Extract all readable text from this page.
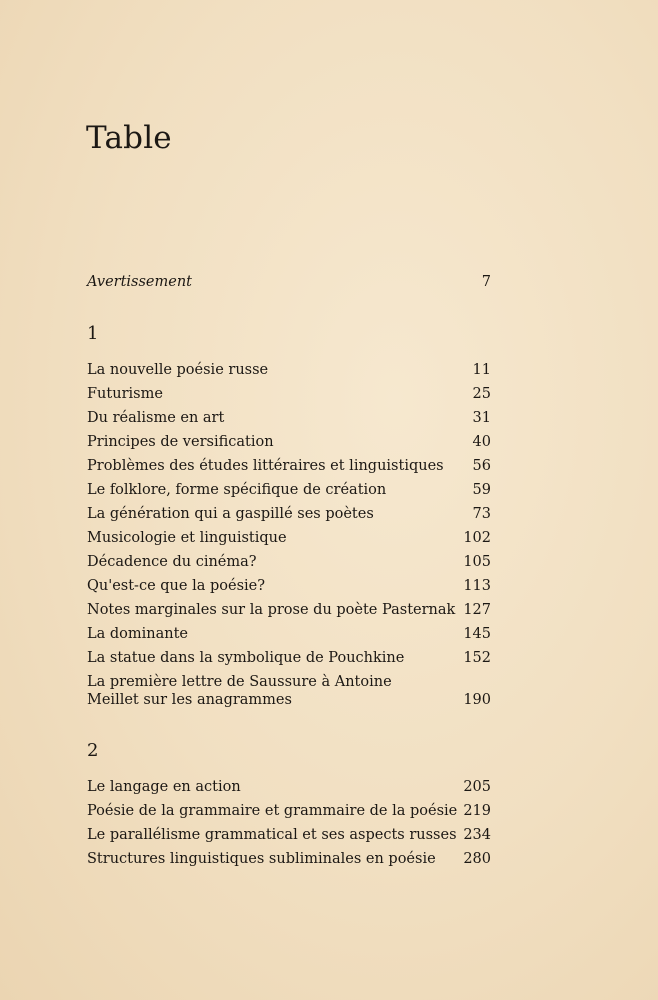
Table
Avertissement	7
1
La nouvelle poésie russe	11
Futurisme	25
Du réalisme en art	31
Principes de versification	40
Problèmes des études littéraires et linguistiques 56
Le folklore, forme spécifique de création	59
La génération qui a gaspillé ses poètes	73
Musicologie et linguistique	102
Décadence du cinéma?	105
Qu'est-ce que la poésie?	113
Notes marginales sur la prose du poète Pasternak 127
La dominante	145
La statue dans la symbolique de Pouchkine	152
La première lettre de Saussure à Antoine Meillet sur les anagrammes	190
2
Le langage en action	205
Poésie de la grammaire et grammaire de la poésie 219
Le parallélisme grammatical et ses aspects russes 234
Structures linguistiques subliminales en poésie 280
